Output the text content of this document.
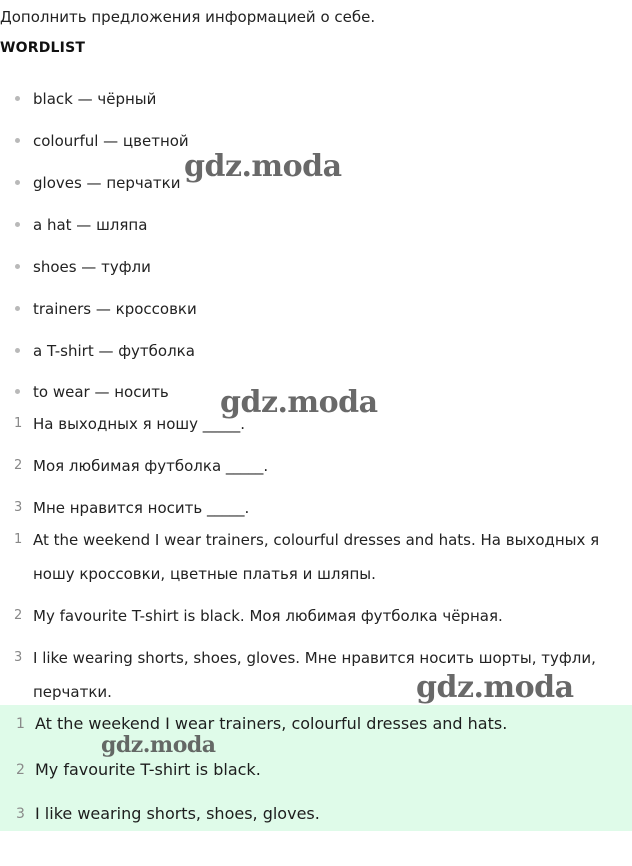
Дополнить предложения информацией о себе.
WORDLIST
black — чёрный
colourful — цветной
gloves — перчатки
a hat — шляпа
shoes — туфли
trainers — кроссовки
a T-shirt — футболка
to wear — носить
1 На выходных я ношу _____.
2 Моя любимая футболка _____.
3 Мне нравится носить _____.
1 At the weekend I wear trainers, colourful dresses and hats. На выходных я ношу кроссовки, цветные платья и шляпы.
2 My favourite T-shirt is black. Моя любимая футболка чёрная.
3 I like wearing shorts, shoes, gloves. Мне нравится носить шорты, туфли, перчатки.
1 At the weekend I wear trainers, colourful dresses and hats.
2 My favourite T-shirt is black.
3 I like wearing shorts, shoes, gloves.
gdz.moda
gdz.moda
gdz.moda
gdz.moda
